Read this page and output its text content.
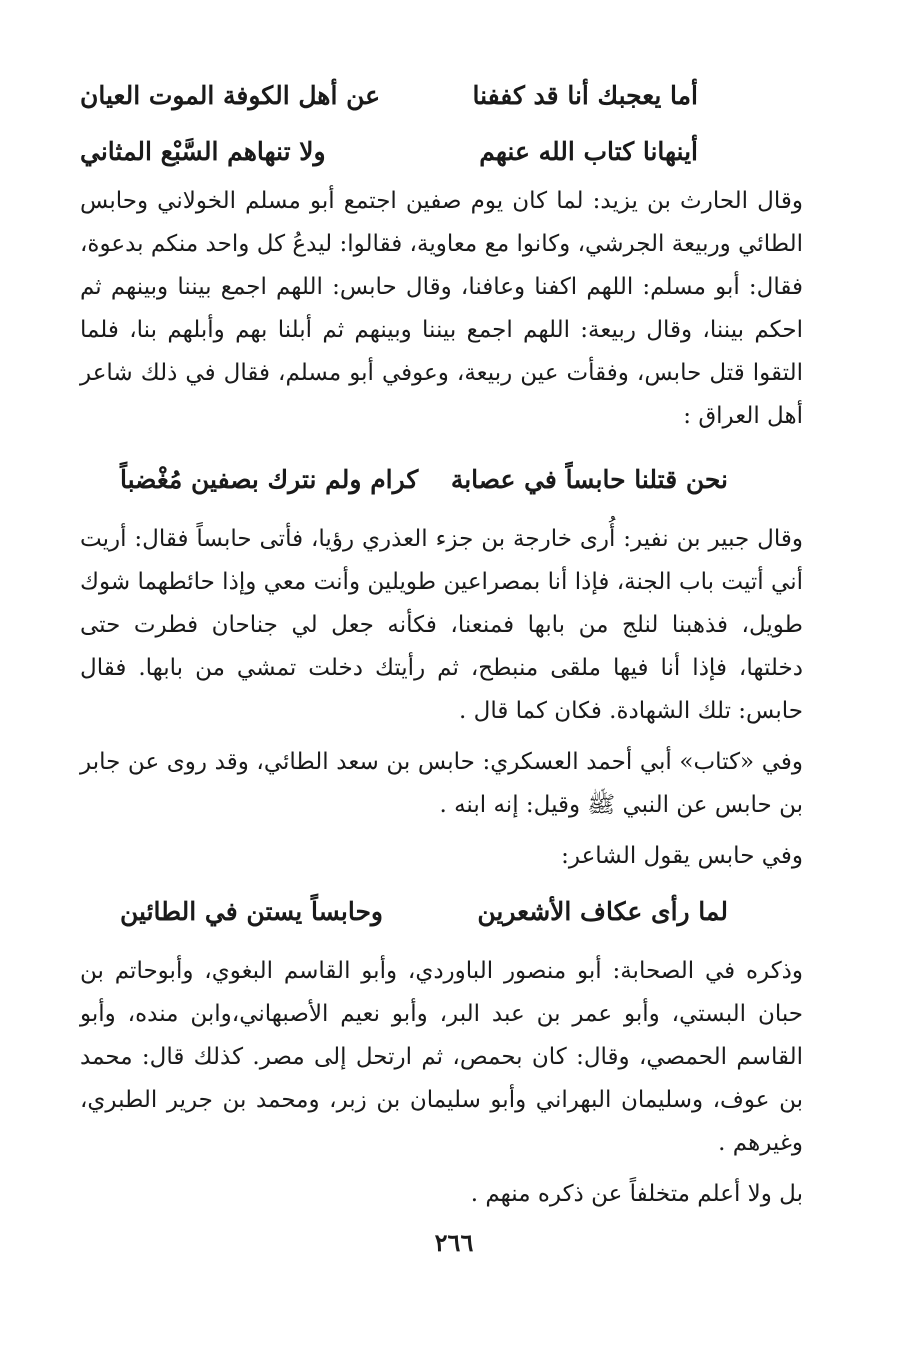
أما يعجبك أنا قد كففنا
عن أهل الكوفة الموت العيان
أينهانا كتاب الله عنهم
ولا تنهاهم السَّبْع المثاني

وقال الحارث بن يزيد: لما كان يوم صفين اجتمع أبو مسلم الخولاني وحابس الطائي وربيعة الجرشي، وكانوا مع معاوية، فقالوا: ليدعُ كل واحد منكم بدعوة، فقال: أبو مسلم: اللهم اكفنا وعافنا، وقال حابس: اللهم اجمع بيننا وبينهم ثم احكم بيننا، وقال ربيعة: اللهم اجمع بيننا وبينهم ثم أبلنا بهم وأبلهم بنا، فلما التقوا قتل حابس، وفقأت عين ربيعة، وعوفي أبو مسلم، فقال في ذلك شاعر أهل العراق :

نحن قتلنا حابساً في عصابة
كرام ولم نترك بصفين مُغْضباً

وقال جبير بن نفير: أُرى خارجة بن جزء العذري رؤيا، فأتى حابساً فقال: أريت أني أتيت باب الجنة، فإذا أنا بمصراعين طويلين وأنت معي وإذا حائطهما شوك طويل، فذهبنا لنلج من بابها فمنعنا، فكأنه جعل لي جناحان فطرت حتى دخلتها، فإذا أنا فيها ملقى منبطح، ثم رأيتك دخلت تمشي من بابها. فقال حابس: تلك الشهادة. فكان كما قال .

وفي «كتاب» أبي أحمد العسكري: حابس بن سعد الطائي، وقد روى عن جابر بن حابس عن النبي ﷺ وقيل: إنه ابنه .

وفي حابس يقول الشاعر:

لما رأى عكاف الأشعرين
وحابساً يستن في الطائين

وذكره في الصحابة: أبو منصور الباوردي، وأبو القاسم البغوي، وأبوحاتم بن حبان البستي، وأبو عمر بن عبد البر، وأبو نعيم الأصبهاني،وابن منده، وأبو القاسم الحمصي، وقال: كان بحمص، ثم ارتحل إلى مصر. كذلك قال: محمد بن عوف، وسليمان البهراني وأبو سليمان بن زبر، ومحمد بن جرير الطبري، وغيرهم .

بل ولا أعلم متخلفاً عن ذكره منهم .

٢٦٦
